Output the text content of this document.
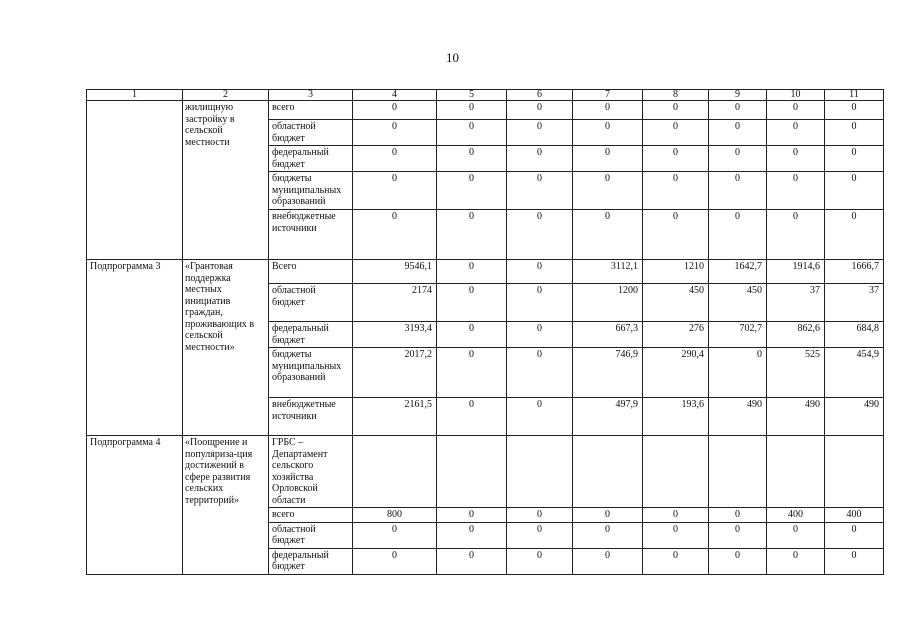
10
1	2	3	4	5	6	7	8	9	10	11
	жилищную застройку в сельской местности	всего	0	0	0	0	0	0	0	0
		областной бюджет	0	0	0	0	0	0	0	0
		федеральный бюджет	0	0	0	0	0	0	0	0
		бюджеты муниципальных образований	0	0	0	0	0	0	0	0
		внебюджетные источники	0	0	0	0	0	0	0	0
Подпрограмма 3	«Грантовая поддержка местных инициатив граждан, проживающих в сельской местности»	Всего	9546,1	0	0	3112,1	1210	1642,7	1914,6	1666,7
		областной бюджет	2174	0	0	1200	450	450	37	37
		федеральный бюджет	3193,4	0	0	667,3	276	702,7	862,6	684,8
		бюджеты муниципальных образований	2017,2	0	0	746,9	290,4	0	525	454,9
		внебюджетные источники	2161,5	0	0	497,9	193,6	490	490	490
Подпрограмма 4	«Поощрение и популяриза-ция достижений в сфере развития сельских территорий»	ГРБС – Департамент сельского хозяйства Орловской области								
		всего	800	0	0	0	0	0	400	400
		областной бюджет	0	0	0	0	0	0	0	0
		федеральный бюджет	0	0	0	0	0	0	0	0
